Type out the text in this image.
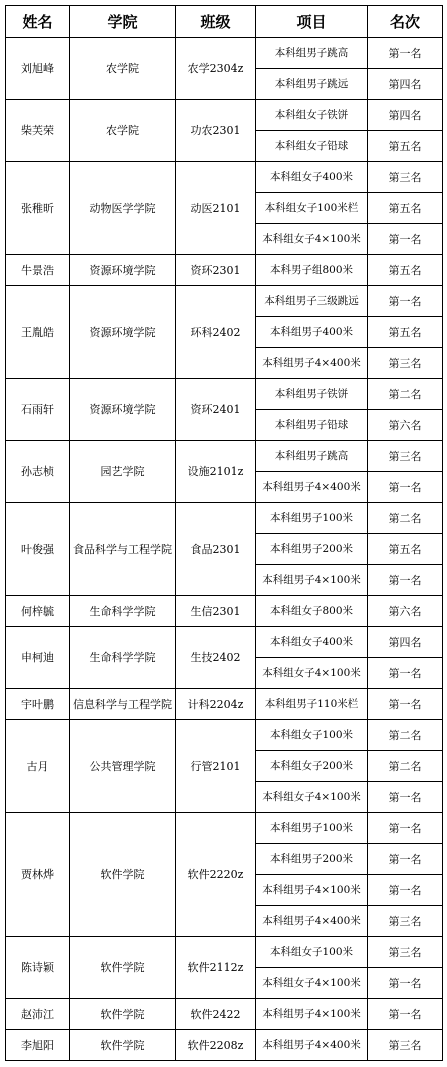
姓名	学院	班级	项目	名次
刘旭峰	农学院	农学2304z	本科组男子跳高	第一名
			本科组男子跳远	第四名
柴芙荣	农学院	功农2301	本科组女子铁饼	第四名
			本科组女子铅球	第五名
张稚昕	动物医学学院	动医2101	本科组女子400米	第三名
			本科组女子100米栏	第五名
			本科组女子4×100米	第一名
牛景浩	资源环境学院	资环2301	本科男子组800米	第五名
王胤皓	资源环境学院	环科2402	本科组男子三级跳远	第一名
			本科组男子400米	第五名
			本科组男子4×400米	第三名
石雨轩	资源环境学院	资环2401	本科组男子铁饼	第二名
			本科组男子铅球	第六名
孙志桢	园艺学院	设施2101z	本科组男子跳高	第三名
			本科组男子4×400米	第一名
叶俊强	食品科学与工程学院	食品2301	本科组男子100米	第二名
			本科组男子200米	第五名
			本科组男子4×100米	第一名
何梓毓	生命科学学院	生信2301	本科组女子800米	第六名
申柯迪	生命科学学院	生技2402	本科组女子400米	第四名
			本科组女子4×100米	第一名
宇叶鹏	信息科学与工程学院	计科2204z	本科组男子110米栏	第一名
古月	公共管理学院	行管2101	本科组女子100米	第二名
			本科组女子200米	第二名
			本科组女子4×100米	第一名
贾林烨	软件学院	软件2220z	本科组男子100米	第一名
			本科组男子200米	第一名
			本科组男子4×100米	第一名
			本科组男子4×400米	第三名
陈诗颖	软件学院	软件2112z	本科组女子100米	第三名
			本科组女子4×100米	第一名
赵沛江	软件学院	软件2422	本科组男子4×100米	第一名
李旭阳	软件学院	软件2208z	本科组男子4×400米	第三名
